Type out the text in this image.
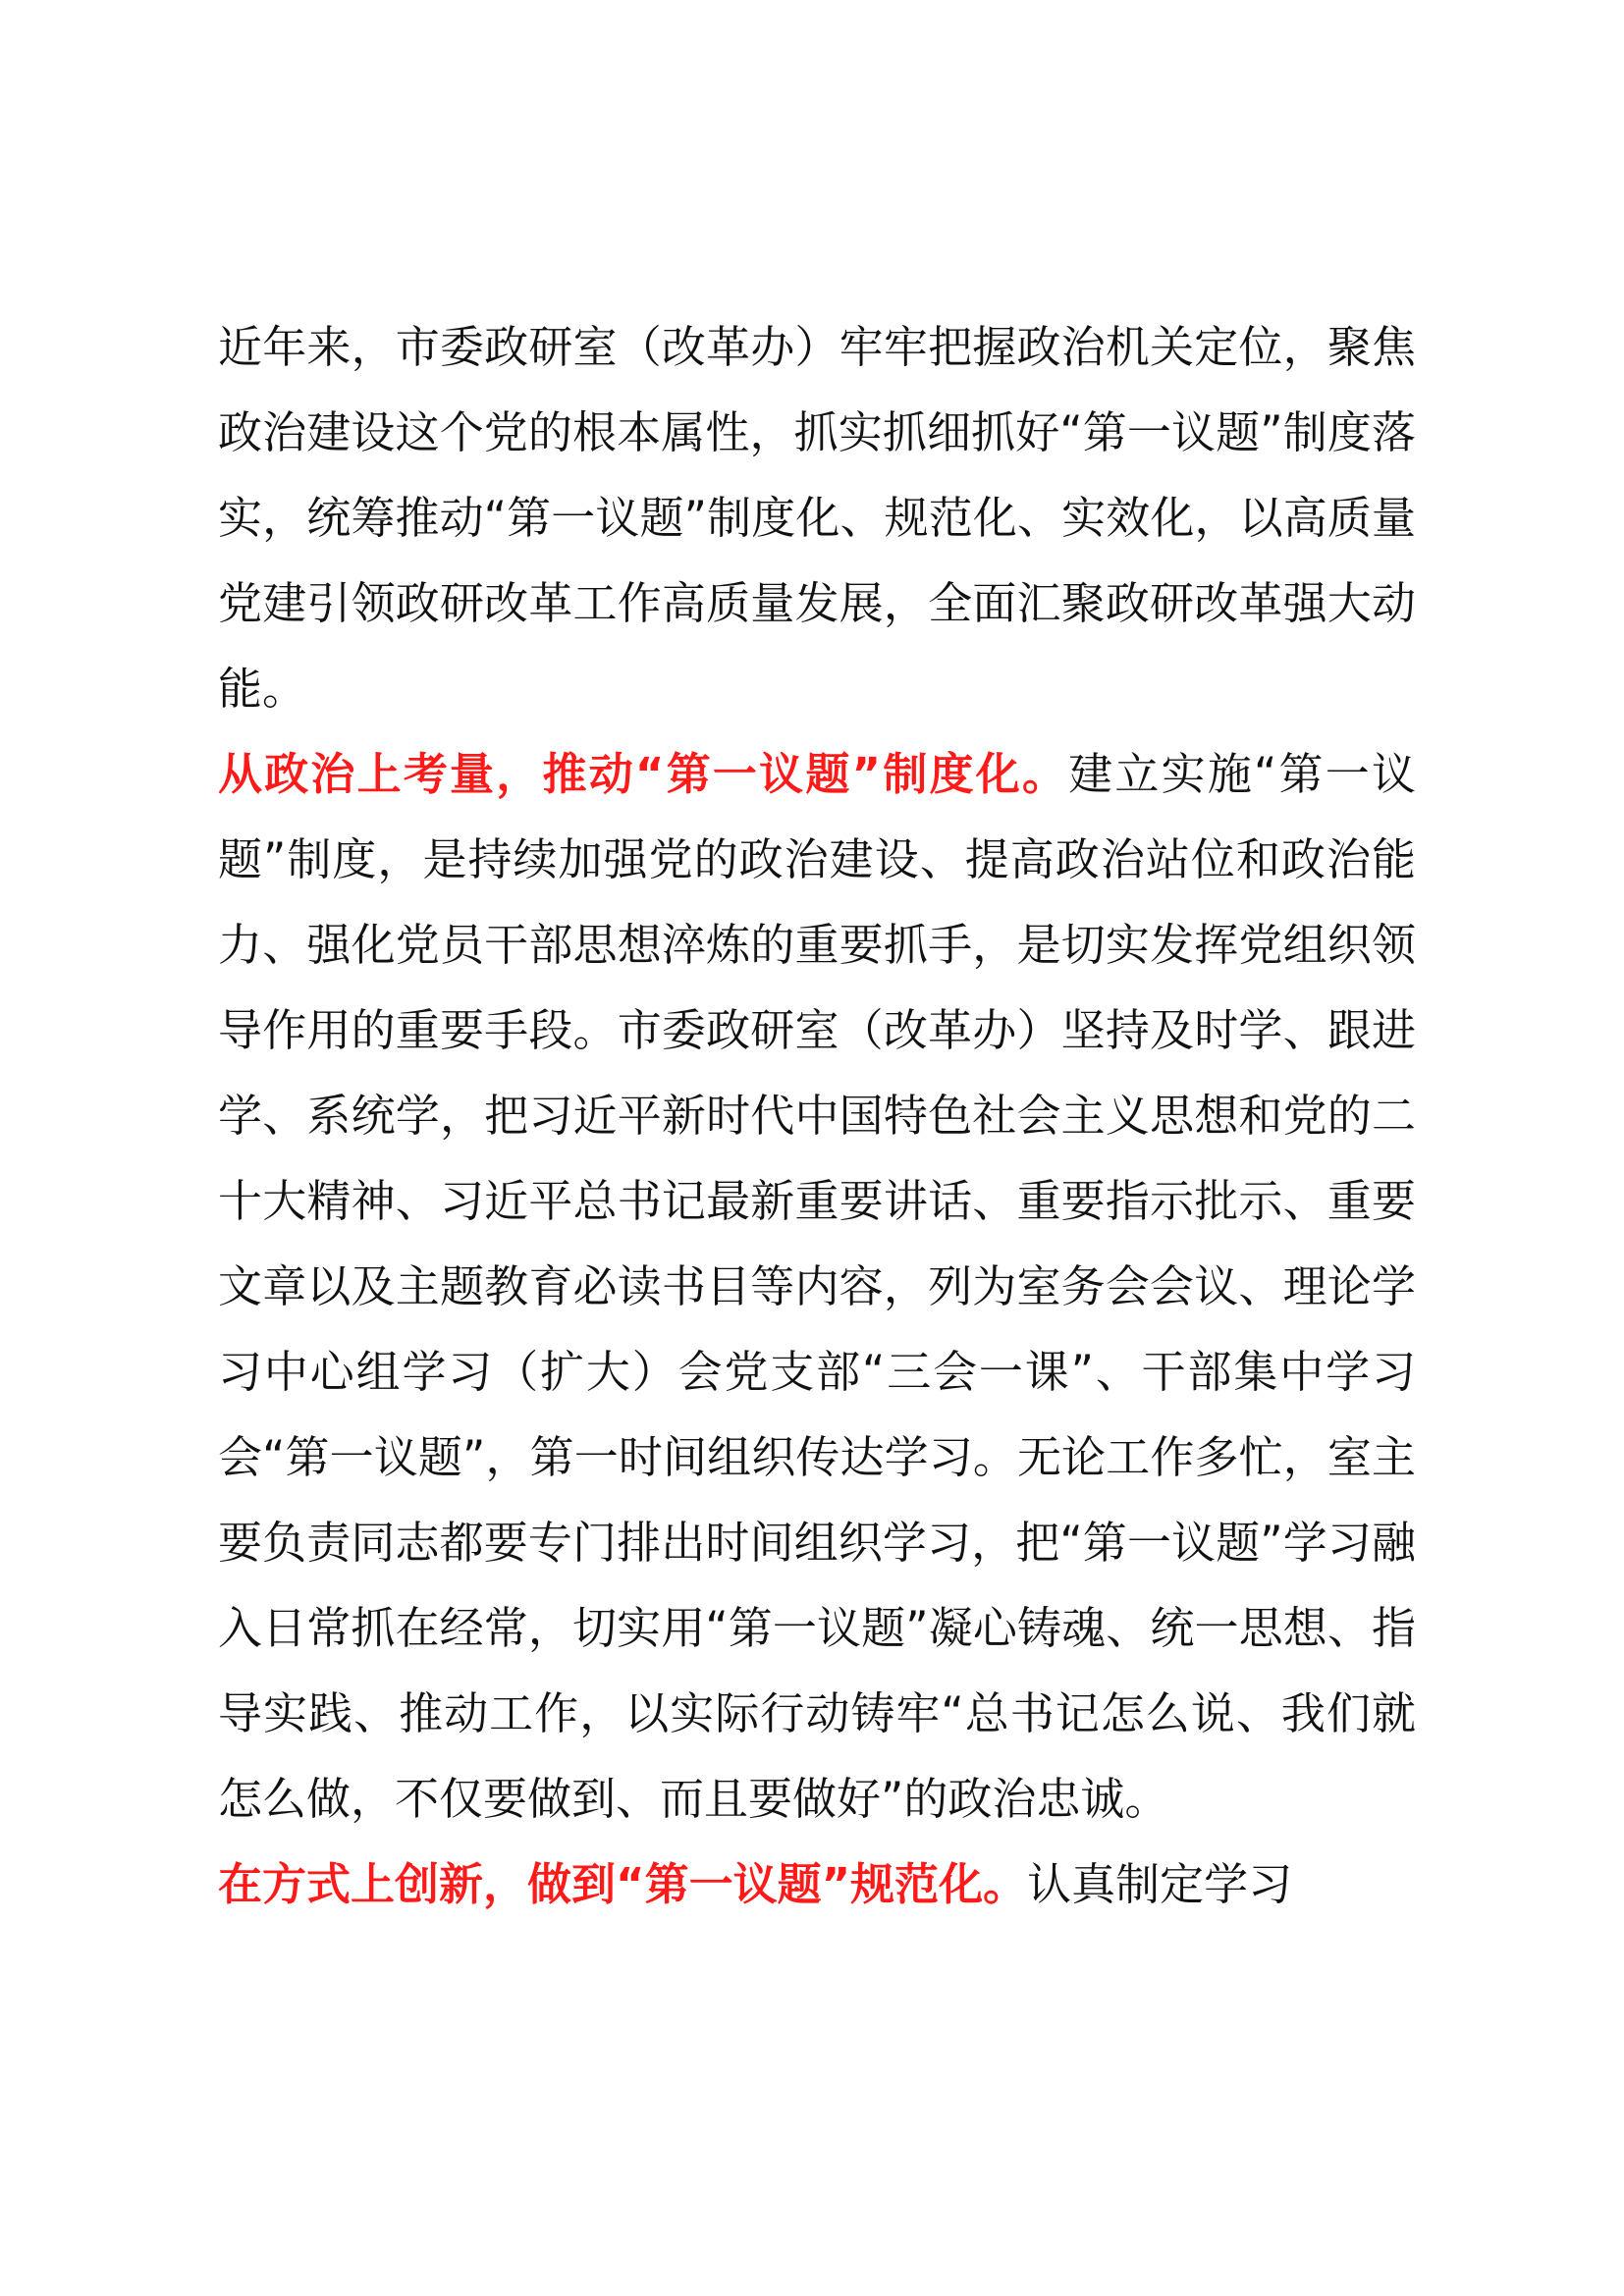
近年来，市委政研室（改革办）牢牢把握政治机关定位，聚焦政治建设这个党的根本属性，抓实抓细抓好“第一议题”制度落实，统筹推动“第一议题”制度化、规范化、实效化，以高质量党建引领政研改革工作高质量发展，全面汇聚政研改革强大动能。

从政治上考量，推动“第一议题”制度化。建立实施“第一议题”制度，是持续加强党的政治建设、提高政治站位和政治能力、强化党员干部思想淬炼的重要抓手，是切实发挥党组织领导作用的重要手段。市委政研室（改革办）坚持及时学、跟进学、系统学，把习近平新时代中国特色社会主义思想和党的二十大精神、习近平总书记最新重要讲话、重要指示批示、重要文章以及主题教育必读书目等内容，列为室务会会议、理论学习中心组学习（扩大）会党支部“三会一课”、干部集中学习会“第一议题”，第一时间组织传达学习。无论工作多忙，室主要负责同志都要专门排出时间组织学习，把“第一议题”学习融入日常抓在经常，切实用“第一议题”凝心铸魂、统一思想、指导实践、推动工作，以实际行动铸牢“总书记怎么说、我们就怎么做，不仅要做到、而且要做好”的政治忠诚。

在方式上创新，做到“第一议题”规范化。认真制定学习
